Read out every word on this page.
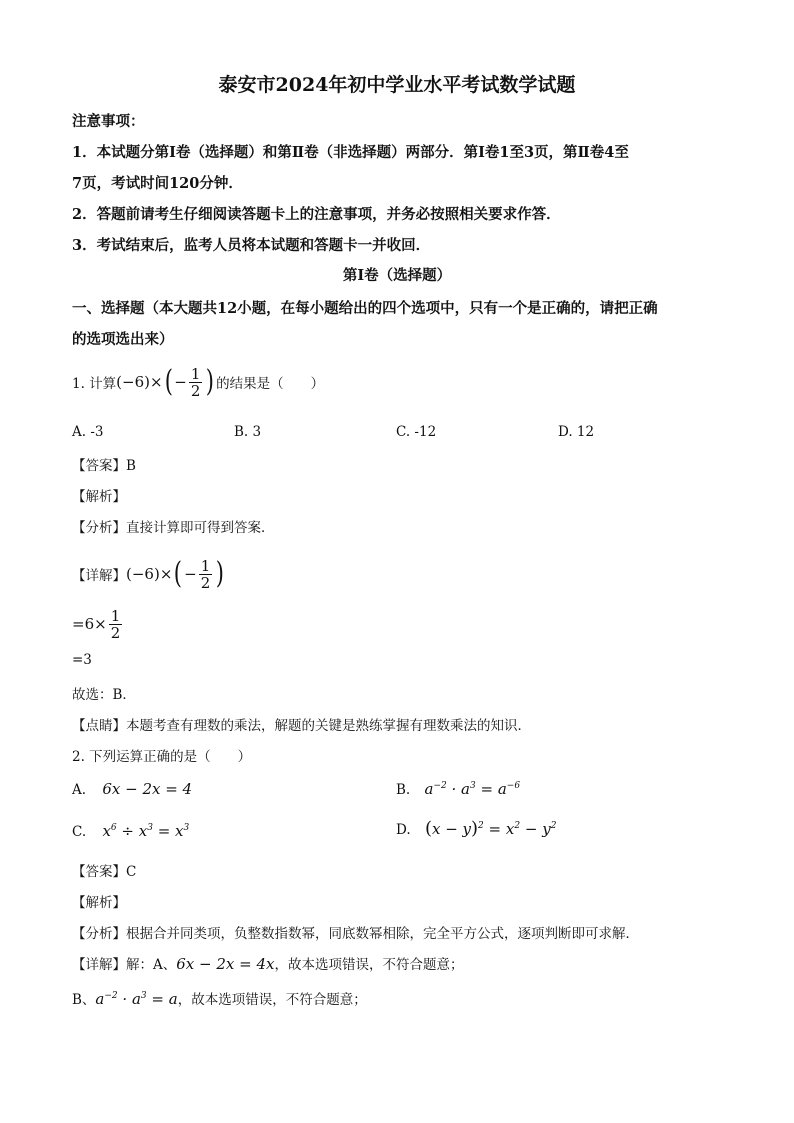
泰安市2024年初中学业水平考试数学试题
注意事项：
1．本试题分第Ⅰ卷（选择题）和第Ⅱ卷（非选择题）两部分．第Ⅰ卷1至3页，第Ⅱ卷4至
7页，考试时间120分钟．
2．答题前请考生仔细阅读答题卡上的注意事项，并务必按照相关要求作答．
3．考试结束后，监考人员将本试题和答题卡一并收回．
第Ⅰ卷（选择题）
一、选择题（本大题共12小题，在每小题给出的四个选项中，只有一个是正确的，请把正确
的选项选出来）
1. 计算 (−6)× ( − $\frac{1}{2}$ ) 的结果是（　　）
A. -3	B. 3	C. -12	D. 12
【答案】B
【解析】
【分析】直接计算即可得到答案．
【详解】 (−6)× ( − $\frac{1}{2}$ )
$=6\times \frac{1}{2}$
=3
故选：B．
【点睛】本题考查有理数的乘法，解题的关键是熟练掌握有理数乘法的知识．
2. 下列运算正确的是（　　）
A. 6x − 2x = 4	B. $a^{-2} \cdot a^3 = a^{-6}$
C. $x^6 \div x^3 = x^3$	D. $(x - y)^2 = x^2 - y^2$
【答案】C
【解析】
【分析】根据合并同类项，负整数指数幂，同底数幂相除，完全平方公式，逐项判断即可求解．
【详解】解：A、6x − 2x = 4x，故本选项错误，不符合题意；
B、$a^{-2} \cdot a^3 = a$，故本选项错误，不符合题意；
